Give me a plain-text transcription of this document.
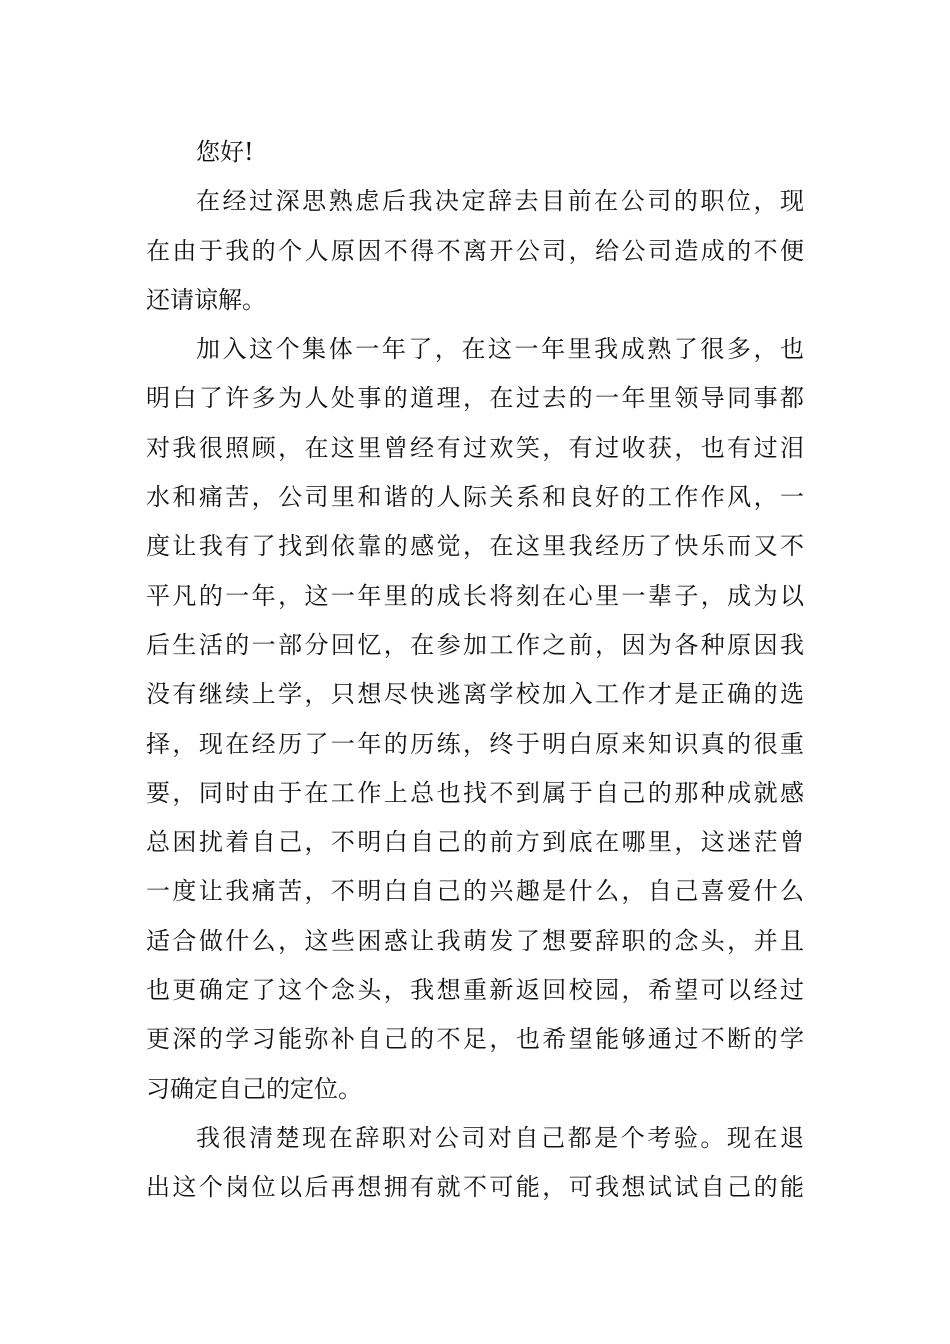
您好!
在经过深思熟虑后我决定辞去目前在公司的职位，现
在由于我的个人原因不得不离开公司，给公司造成的不便
还请谅解。
加入这个集体一年了，在这一年里我成熟了很多，也
明白了许多为人处事的道理，在过去的一年里领导同事都
对我很照顾，在这里曾经有过欢笑，有过收获，也有过泪
水和痛苦，公司里和谐的人际关系和良好的工作作风，一
度让我有了找到依靠的感觉，在这里我经历了快乐而又不
平凡的一年，这一年里的成长将刻在心里一辈子，成为以
后生活的一部分回忆，在参加工作之前，因为各种原因我
没有继续上学，只想尽快逃离学校加入工作才是正确的选
择，现在经历了一年的历练，终于明白原来知识真的很重
要，同时由于在工作上总也找不到属于自己的那种成就感
总困扰着自己，不明白自己的前方到底在哪里，这迷茫曾
一度让我痛苦，不明白自己的兴趣是什么，自己喜爱什么
适合做什么，这些困惑让我萌发了想要辞职的念头，并且
也更确定了这个念头，我想重新返回校园，希望可以经过
更深的学习能弥补自己的不足，也希望能够通过不断的学
习确定自己的定位。
我很清楚现在辞职对公司对自己都是个考验。现在退
出这个岗位以后再想拥有就不可能，可我想试试自己的能
